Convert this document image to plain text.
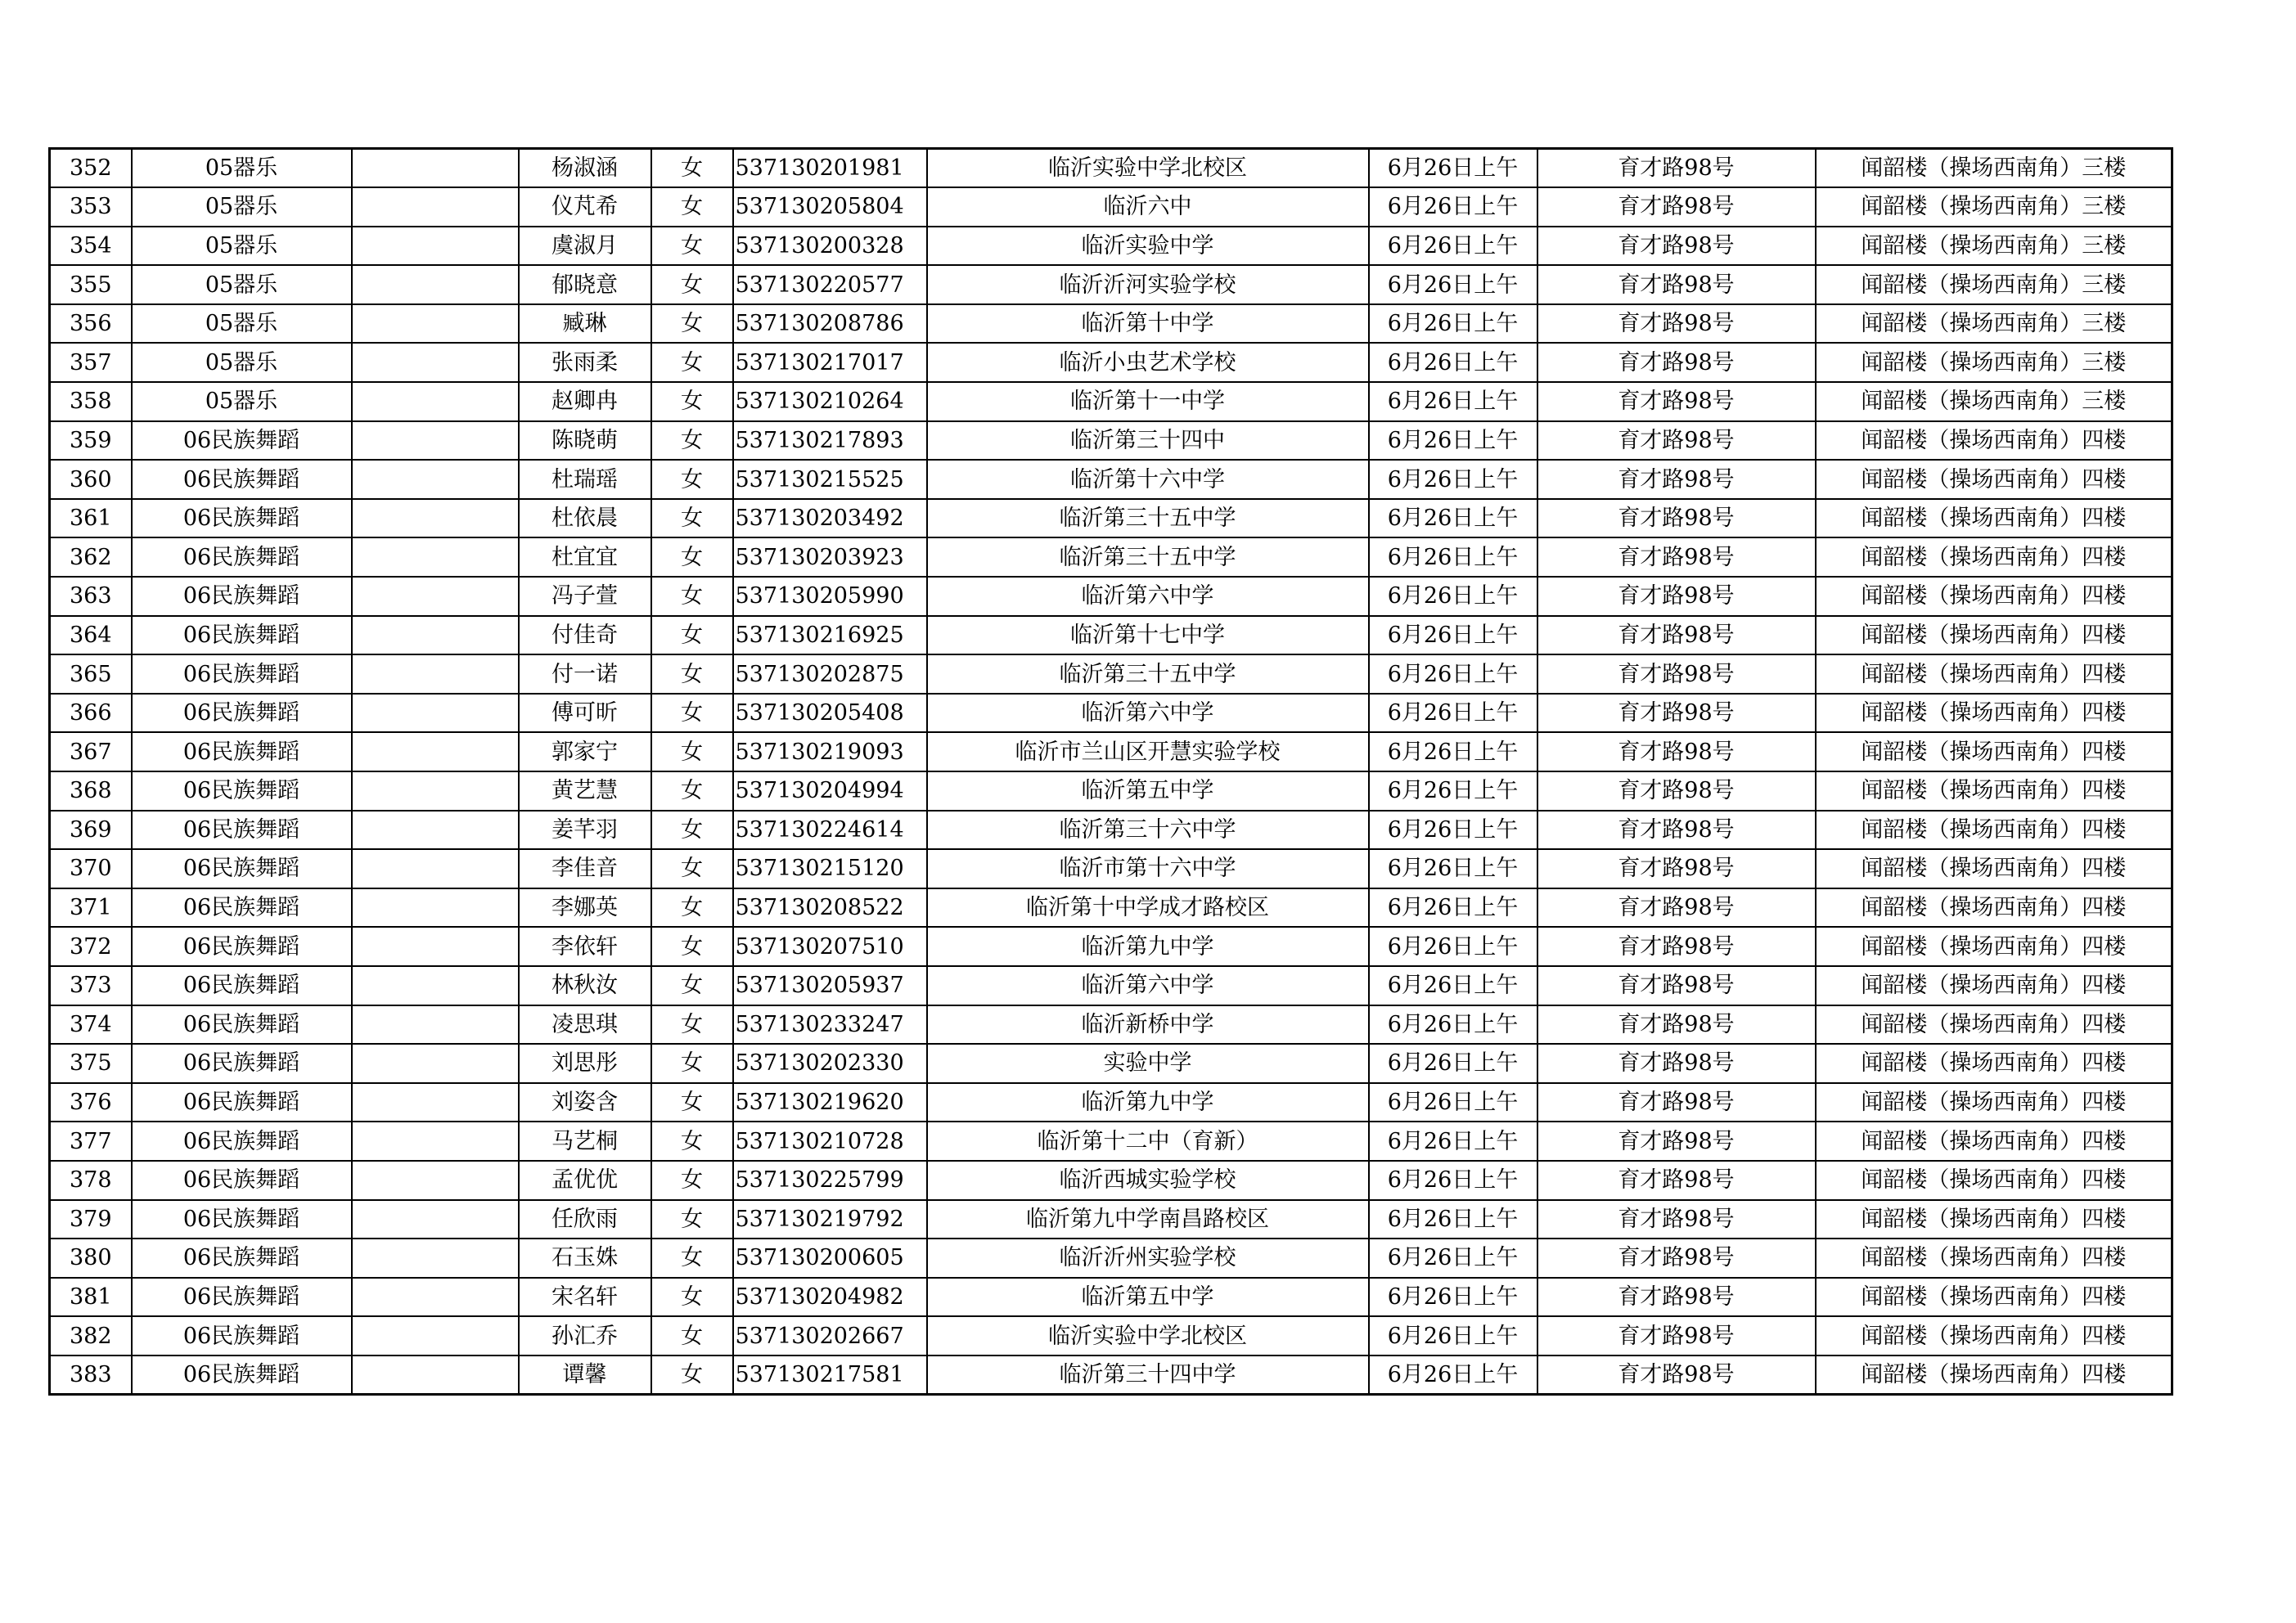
352	05器乐		杨淑涵	女	537130201981	临沂实验中学北校区	6月26日上午	育才路98号	闻韶楼（操场西南角）三楼
353	05器乐		仪芃希	女	537130205804	临沂六中	6月26日上午	育才路98号	闻韶楼（操场西南角）三楼
354	05器乐		虞淑月	女	537130200328	临沂实验中学	6月26日上午	育才路98号	闻韶楼（操场西南角）三楼
355	05器乐		郁晓意	女	537130220577	临沂沂河实验学校	6月26日上午	育才路98号	闻韶楼（操场西南角）三楼
356	05器乐		臧琳	女	537130208786	临沂第十中学	6月26日上午	育才路98号	闻韶楼（操场西南角）三楼
357	05器乐		张雨柔	女	537130217017	临沂小虫艺术学校	6月26日上午	育才路98号	闻韶楼（操场西南角）三楼
358	05器乐		赵卿冉	女	537130210264	临沂第十一中学	6月26日上午	育才路98号	闻韶楼（操场西南角）三楼
359	06民族舞蹈		陈晓萌	女	537130217893	临沂第三十四中	6月26日上午	育才路98号	闻韶楼（操场西南角）四楼
360	06民族舞蹈		杜瑞瑶	女	537130215525	临沂第十六中学	6月26日上午	育才路98号	闻韶楼（操场西南角）四楼
361	06民族舞蹈		杜依晨	女	537130203492	临沂第三十五中学	6月26日上午	育才路98号	闻韶楼（操场西南角）四楼
362	06民族舞蹈		杜宜宜	女	537130203923	临沂第三十五中学	6月26日上午	育才路98号	闻韶楼（操场西南角）四楼
363	06民族舞蹈		冯子萱	女	537130205990	临沂第六中学	6月26日上午	育才路98号	闻韶楼（操场西南角）四楼
364	06民族舞蹈		付佳奇	女	537130216925	临沂第十七中学	6月26日上午	育才路98号	闻韶楼（操场西南角）四楼
365	06民族舞蹈		付一诺	女	537130202875	临沂第三十五中学	6月26日上午	育才路98号	闻韶楼（操场西南角）四楼
366	06民族舞蹈		傅可昕	女	537130205408	临沂第六中学	6月26日上午	育才路98号	闻韶楼（操场西南角）四楼
367	06民族舞蹈		郭家宁	女	537130219093	临沂市兰山区开慧实验学校	6月26日上午	育才路98号	闻韶楼（操场西南角）四楼
368	06民族舞蹈		黄艺慧	女	537130204994	临沂第五中学	6月26日上午	育才路98号	闻韶楼（操场西南角）四楼
369	06民族舞蹈		姜芊羽	女	537130224614	临沂第三十六中学	6月26日上午	育才路98号	闻韶楼（操场西南角）四楼
370	06民族舞蹈		李佳音	女	537130215120	临沂市第十六中学	6月26日上午	育才路98号	闻韶楼（操场西南角）四楼
371	06民族舞蹈		李娜英	女	537130208522	临沂第十中学成才路校区	6月26日上午	育才路98号	闻韶楼（操场西南角）四楼
372	06民族舞蹈		李依轩	女	537130207510	临沂第九中学	6月26日上午	育才路98号	闻韶楼（操场西南角）四楼
373	06民族舞蹈		林秋汝	女	537130205937	临沂第六中学	6月26日上午	育才路98号	闻韶楼（操场西南角）四楼
374	06民族舞蹈		凌思琪	女	537130233247	临沂新桥中学	6月26日上午	育才路98号	闻韶楼（操场西南角）四楼
375	06民族舞蹈		刘思彤	女	537130202330	实验中学	6月26日上午	育才路98号	闻韶楼（操场西南角）四楼
376	06民族舞蹈		刘姿含	女	537130219620	临沂第九中学	6月26日上午	育才路98号	闻韶楼（操场西南角）四楼
377	06民族舞蹈		马艺桐	女	537130210728	临沂第十二中（育新）	6月26日上午	育才路98号	闻韶楼（操场西南角）四楼
378	06民族舞蹈		孟优优	女	537130225799	临沂西城实验学校	6月26日上午	育才路98号	闻韶楼（操场西南角）四楼
379	06民族舞蹈		任欣雨	女	537130219792	临沂第九中学南昌路校区	6月26日上午	育才路98号	闻韶楼（操场西南角）四楼
380	06民族舞蹈		石玉姝	女	537130200605	临沂沂州实验学校	6月26日上午	育才路98号	闻韶楼（操场西南角）四楼
381	06民族舞蹈		宋名轩	女	537130204982	临沂第五中学	6月26日上午	育才路98号	闻韶楼（操场西南角）四楼
382	06民族舞蹈		孙汇乔	女	537130202667	临沂实验中学北校区	6月26日上午	育才路98号	闻韶楼（操场西南角）四楼
383	06民族舞蹈		谭馨	女	537130217581	临沂第三十四中学	6月26日上午	育才路98号	闻韶楼（操场西南角）四楼
